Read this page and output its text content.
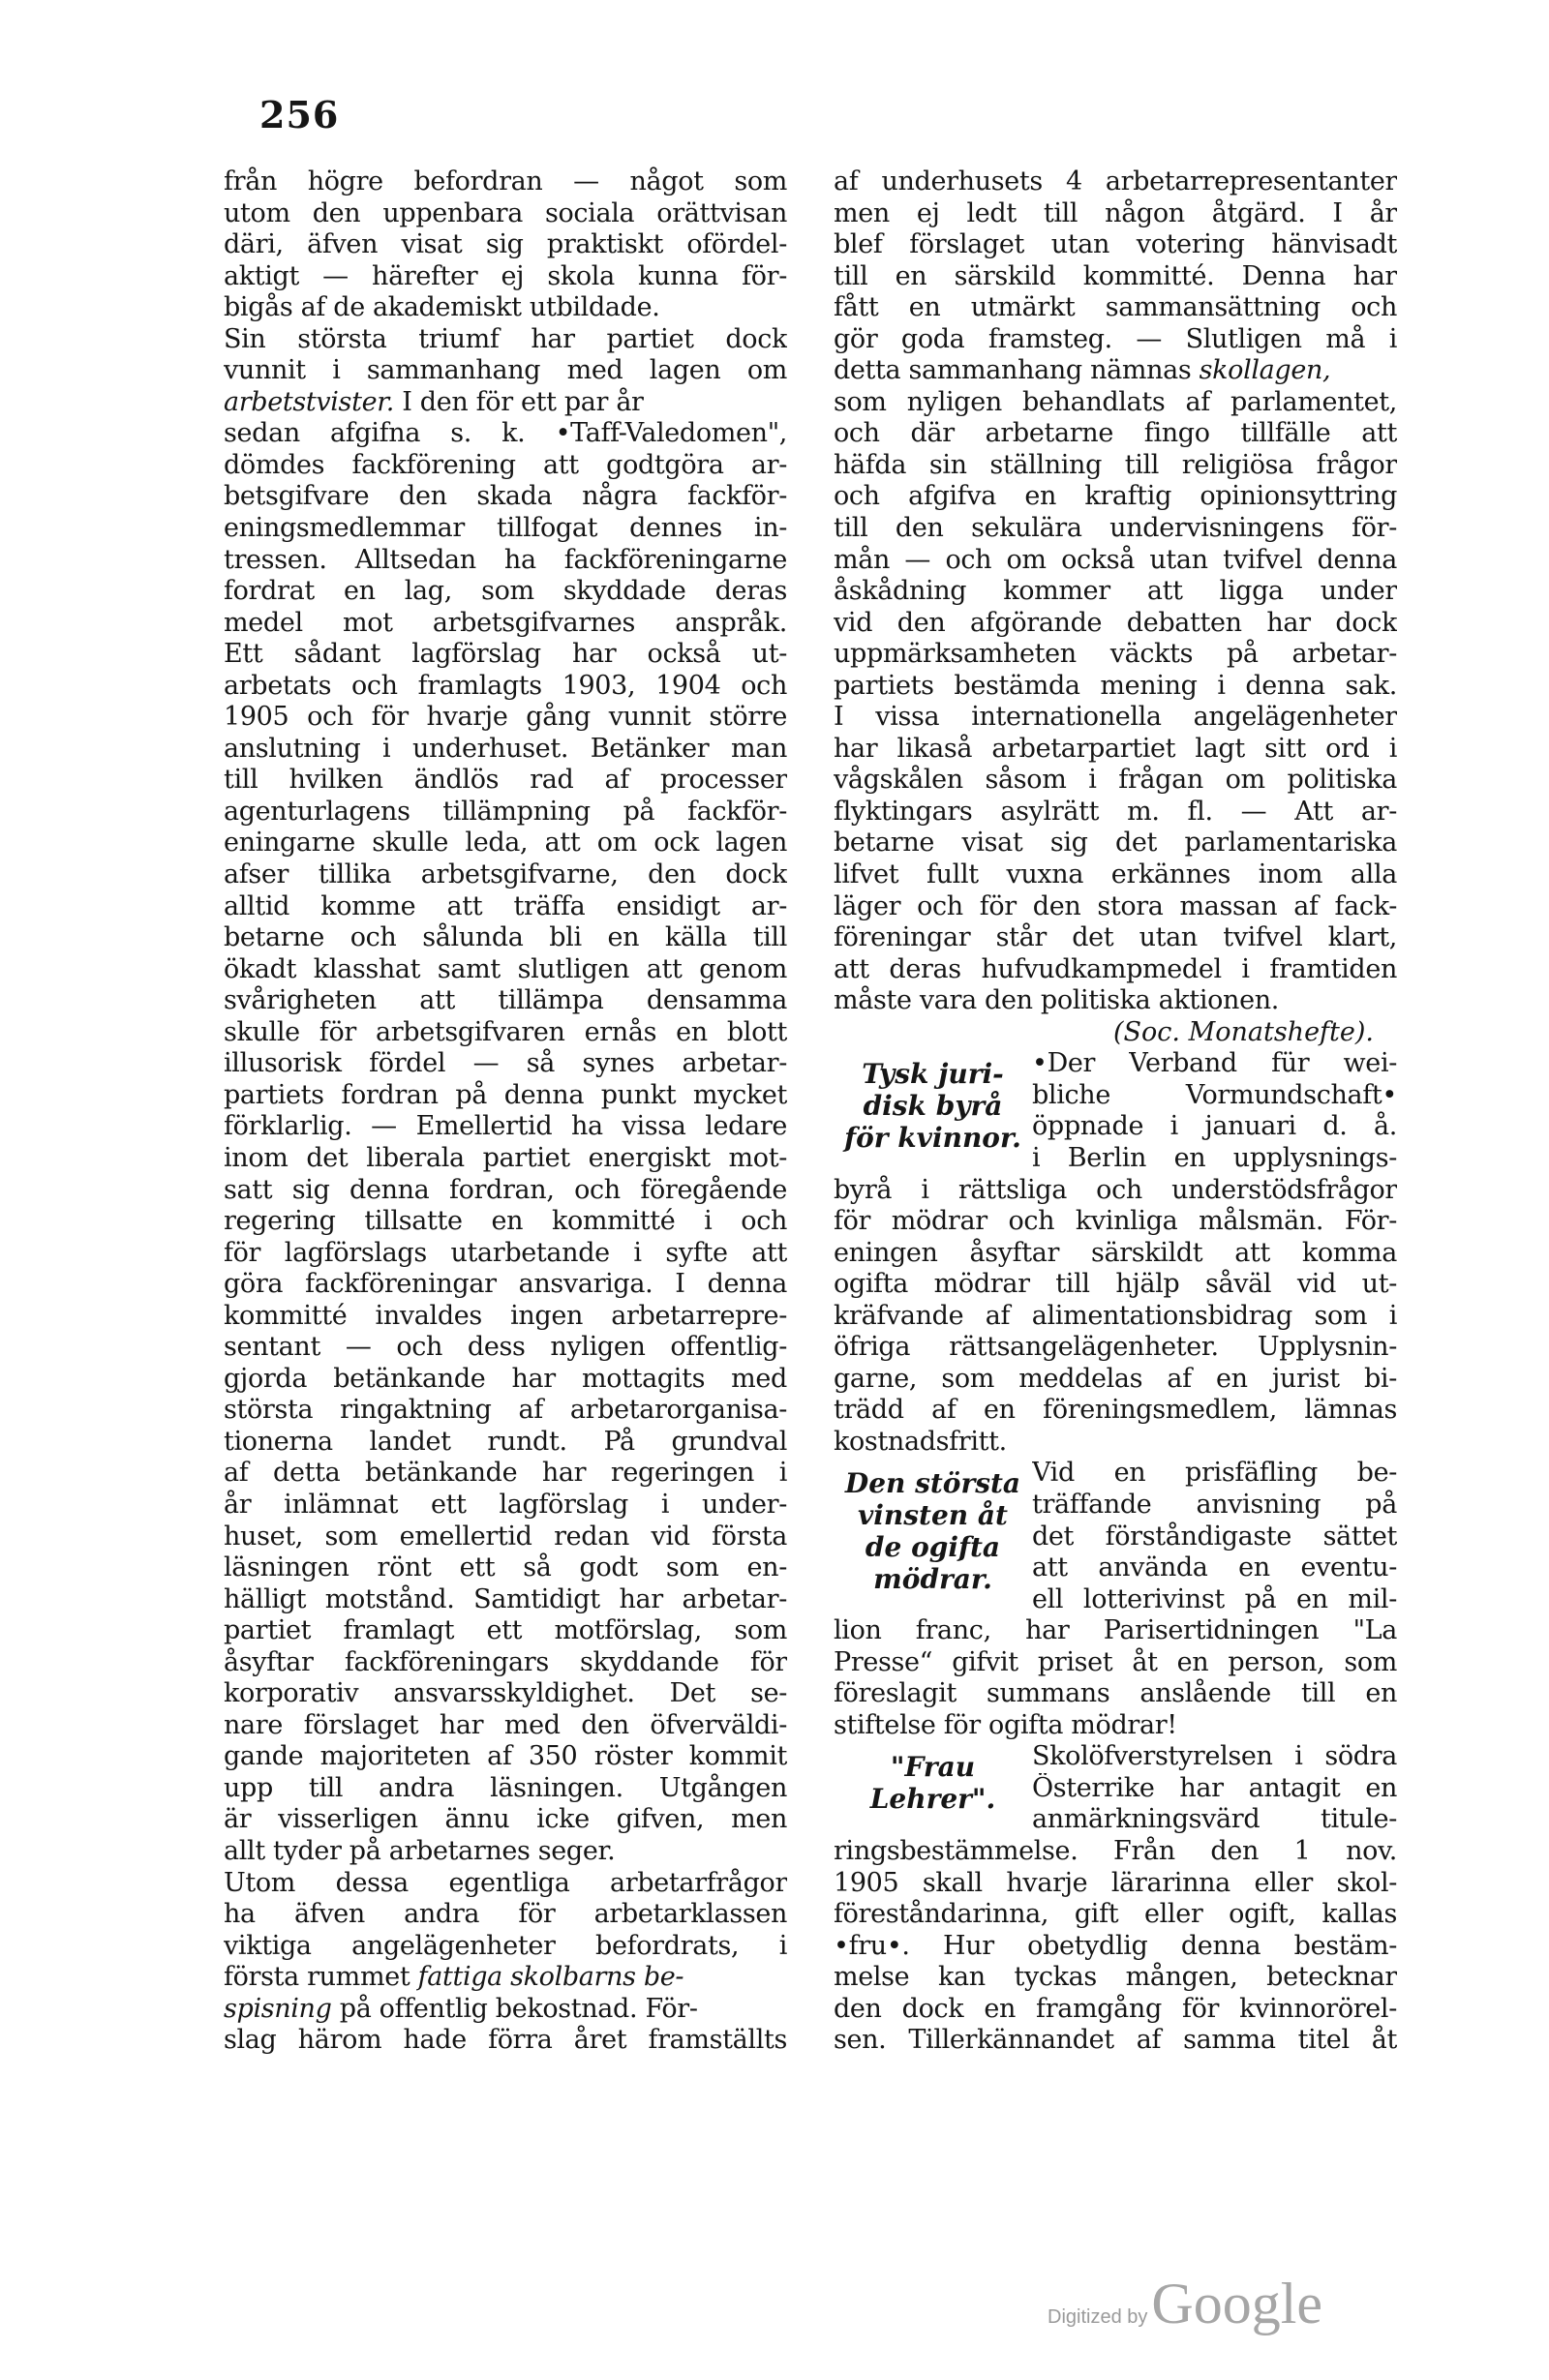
256
från högre befordran — något som
utom den uppenbara sociala orättvisan
däri, äfven visat sig praktiskt ofördel-
aktigt — härefter ej skola kunna för-
bigås af de akademiskt utbildade.
Sin största triumf har partiet dock
vunnit i sammanhang med lagen om
arbetstvister. I den för ett par år
sedan afgifna s. k. •Taff-Valedomen",
dömdes fackförening att godtgöra ar-
betsgifvare den skada några fackför-
eningsmedlemmar tillfogat dennes in-
tressen. Alltsedan ha fackföreningarne
fordrat en lag, som skyddade deras
medel mot arbetsgifvarnes anspråk.
Ett sådant lagförslag har också ut-
arbetats och framlagts 1903, 1904 och
1905 och för hvarje gång vunnit större
anslutning i underhuset. Betänker man
till hvilken ändlös rad af processer
agenturlagens tillämpning på fackför-
eningarne skulle leda, att om ock lagen
afser tillika arbetsgifvarne, den dock
alltid komme att träffa ensidigt ar-
betarne och sålunda bli en källa till
ökadt klasshat samt slutligen att genom
svårigheten att tillämpa densamma
skulle för arbetsgifvaren ernås en blott
illusorisk fördel — så synes arbetar-
partiets fordran på denna punkt mycket
förklarlig. — Emellertid ha vissa ledare
inom det liberala partiet energiskt mot-
satt sig denna fordran, och föregående
regering tillsatte en kommitté i och
för lagförslags utarbetande i syfte att
göra fackföreningar ansvariga. I denna
kommitté invaldes ingen arbetarrepre-
sentant — och dess nyligen offentlig-
gjorda betänkande har mottagits med
största ringaktning af arbetarorganisa-
tionerna landet rundt. På grundval
af detta betänkande har regeringen i
år inlämnat ett lagförslag i under-
huset, som emellertid redan vid första
läsningen rönt ett så godt som en-
hälligt motstånd. Samtidigt har arbetar-
partiet framlagt ett motförslag, som
åsyftar fackföreningars skyddande för
korporativ ansvarsskyldighet. Det se-
nare förslaget har med den öfverväldi-
gande majoriteten af 350 röster kommit
upp till andra läsningen. Utgången
är visserligen ännu icke gifven, men
allt tyder på arbetarnes seger.
Utom dessa egentliga arbetarfrågor
ha äfven andra för arbetarklassen
viktiga angelägenheter befordrats, i
första rummet fattiga skolbarns be-
spisning på offentlig bekostnad. För-
slag härom hade förra året framställts
af underhusets 4 arbetarrepresentanter
men ej ledt till någon åtgärd. I år
blef förslaget utan votering hänvisadt
till en särskild kommitté. Denna har
fått en utmärkt sammansättning och
gör goda framsteg. — Slutligen må i
detta sammanhang nämnas skollagen,
som nyligen behandlats af parlamentet,
och där arbetarne fingo tillfälle att
häfda sin ställning till religiösa frågor
och afgifva en kraftig opinionsyttring
till den sekulära undervisningens för-
mån — och om också utan tvifvel denna
åskådning kommer att ligga under
vid den afgörande debatten har dock
uppmärksamheten väckts på arbetar-
partiets bestämda mening i denna sak.
I vissa internationella angelägenheter
har likaså arbetarpartiet lagt sitt ord i
vågskålen såsom i frågan om politiska
flyktingars asylrätt m. fl. — Att ar-
betarne visat sig det parlamentariska
lifvet fullt vuxna erkännes inom alla
läger och för den stora massan af fack-
föreningar står det utan tvifvel klart,
att deras hufvudkampmedel i framtiden
måste vara den politiska aktionen.
(Soc. Monatshefte).
Tysk juri-
disk byrå
för kvinnor.
•Der Verband für wei-
bliche Vormundschaft•
öppnade i januari d. å.
i Berlin en upplysnings-
byrå i rättsliga och understödsfrågor
för mödrar och kvinliga målsmän. För-
eningen åsyftar särskildt att komma
ogifta mödrar till hjälp såväl vid ut-
kräfvande af alimentationsbidrag som i
öfriga rättsangelägenheter. Upplysnin-
garne, som meddelas af en jurist bi-
trädd af en föreningsmedlem, lämnas
kostnadsfritt.
Den största
vinsten åt
de ogifta
mödrar.
Vid en prisfäfling be-
träffande anvisning på
det förståndigaste sättet
att använda en eventu-
ell lotterivinst på en mil-
lion franc, har Parisertidningen "La
Presse“ gifvit priset åt en person, som
föreslagit summans anslående till en
stiftelse för ogifta mödrar!
"Frau
Lehrer".
Skolöfverstyrelsen i södra
Österrike har antagit en
anmärkningsvärd titule-
ringsbestämmelse. Från den 1 nov.
1905 skall hvarje lärarinna eller skol-
föreståndarinna, gift eller ogift, kallas
•fru•. Hur obetydlig denna bestäm-
melse kan tyckas mången, betecknar
den dock en framgång för kvinnorörel-
sen. Tillerkännandet af samma titel åt
Digitized by Google
